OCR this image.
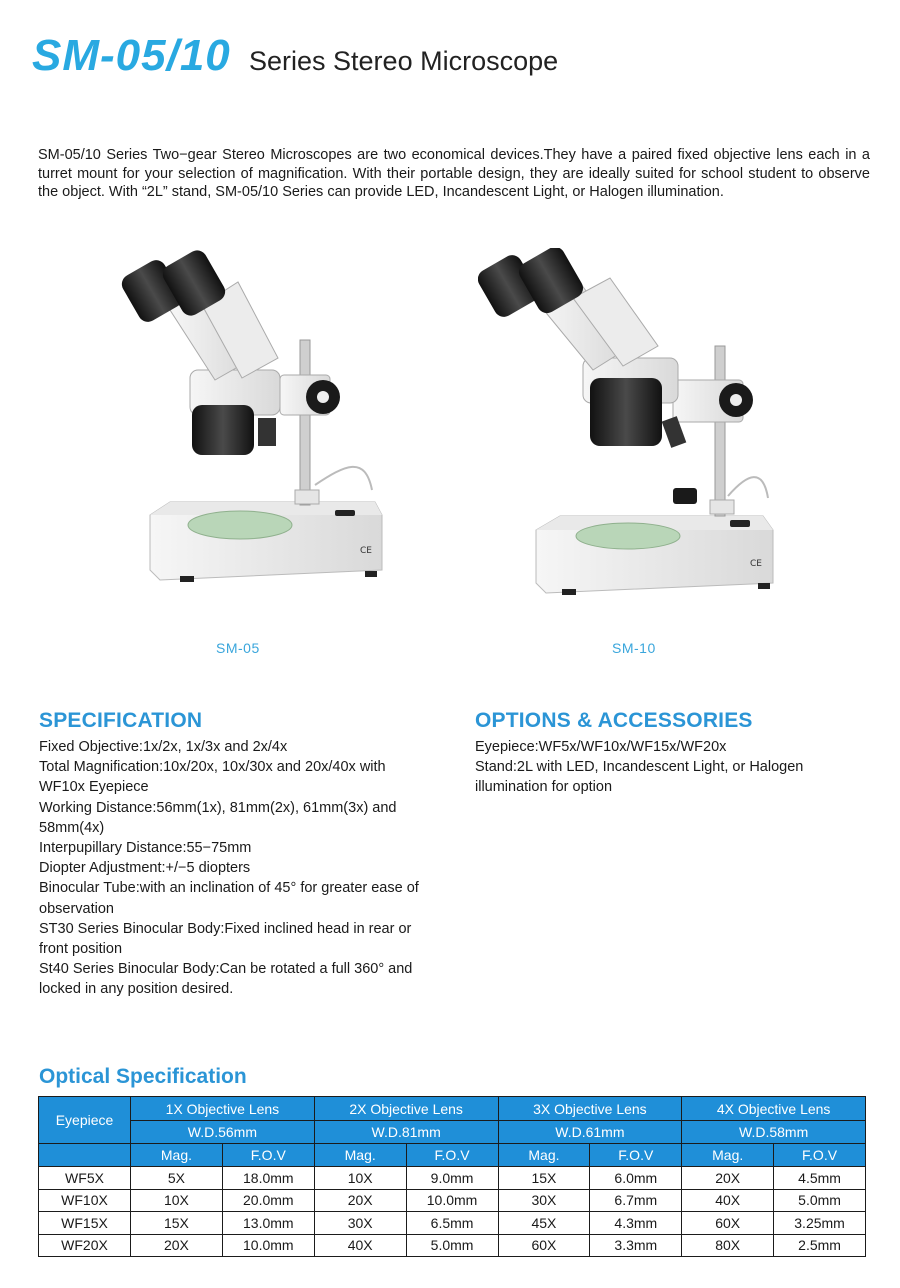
SM-05/10 Series Stereo Microscope
SM-05/10 Series Two−gear Stereo Microscopes are two economical devices.They have a paired fixed objective lens each in a turret mount for your selection of magnification. With their portable design, they are ideally suited for school student to observe the object. With “2L” stand, SM-05/10 Series can provide LED, Incandescent Light, or Halogen illumination.
CE
SM-05
CE
SM-10
SPECIFICATION
Fixed Objective:1x/2x, 1x/3x and 2x/4x
Total Magnification:10x/20x, 10x/30x and 20x/40x with
WF10x Eyepiece
Working Distance:56mm(1x), 81mm(2x), 61mm(3x) and
58mm(4x)
Interpupillary Distance:55−75mm
Diopter Adjustment:+/−5 diopters
Binocular Tube:with an inclination of 45° for greater ease of
observation
ST30 Series Binocular Body:Fixed inclined head in rear or
front position
St40 Series Binocular Body:Can be rotated a full 360° and
locked in any position desired.
OPTIONS & ACCESSORIES
Eyepiece:WF5x/WF10x/WF15x/WF20x
Stand:2L with LED, Incandescent Light, or Halogen
illumination for option
Optical Specification
Eyepiece	1X Objective Lens		2X Objective Lens		3X Objective Lens		4X Objective Lens	
	W.D.56mm		W.D.81mm		W.D.61mm		W.D.58mm	
	Mag.	F.O.V	Mag.	F.O.V	Mag.	F.O.V	Mag.	F.O.V
WF5X	5X	18.0mm	10X	9.0mm	15X	6.0mm	20X	4.5mm
WF10X	10X	20.0mm	20X	10.0mm	30X	6.7mm	40X	5.0mm
WF15X	15X	13.0mm	30X	6.5mm	45X	4.3mm	60X	3.25mm
WF20X	20X	10.0mm	40X	5.0mm	60X	3.3mm	80X	2.5mm
